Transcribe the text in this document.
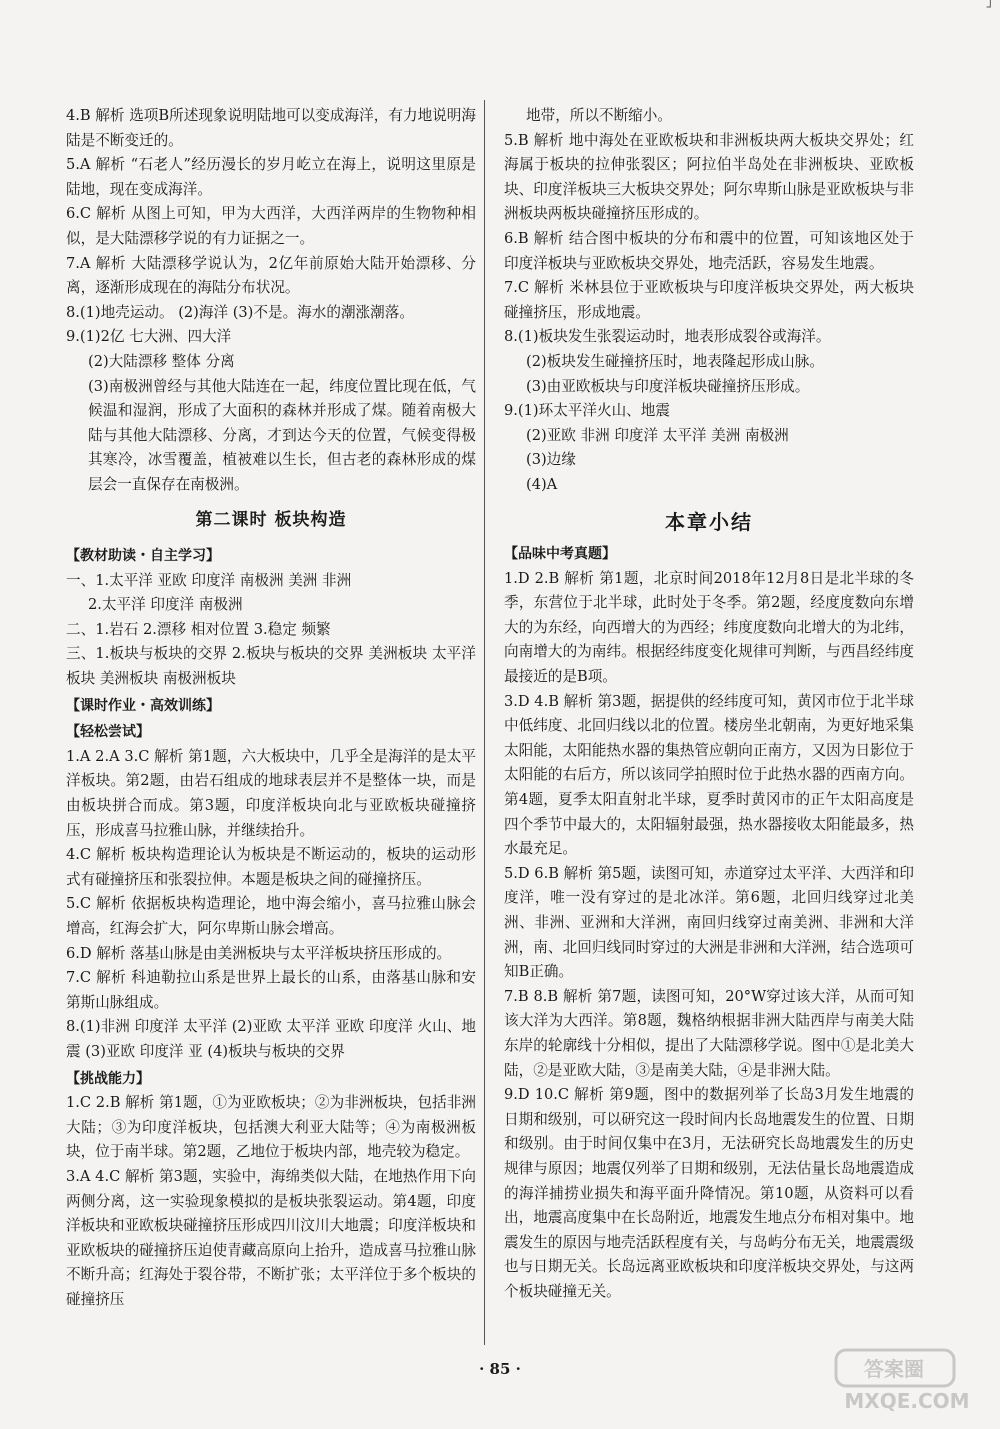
┘
4.B 解析 选项B所述现象说明陆地可以变成海洋，有力地说明海陆是不断变迁的。
5.A 解析 “石老人”经历漫长的岁月屹立在海上，说明这里原是陆地，现在变成海洋。
6.C 解析 从图上可知，甲为大西洋，大西洋两岸的生物物种相似，是大陆漂移学说的有力证据之一。
7.A 解析 大陆漂移学说认为，2亿年前原始大陆开始漂移、分离，逐渐形成现在的海陆分布状况。
8.(1)地壳运动。 (2)海洋 (3)不是。海水的潮涨潮落。
9.(1)2亿 七大洲、四大洋
(2)大陆漂移 整体 分离
(3)南极洲曾经与其他大陆连在一起，纬度位置比现在低，气候温和湿润，形成了大面积的森林并形成了煤。随着南极大陆与其他大陆漂移、分离，才到达今天的位置，气候变得极其寒冷，冰雪覆盖，植被难以生长，但古老的森林形成的煤层会一直保存在南极洲。
第二课时 板块构造
【教材助读・自主学习】
一、1.太平洋 亚欧 印度洋 南极洲 美洲 非洲
2.太平洋 印度洋 南极洲
二、1.岩石 2.漂移 相对位置 3.稳定 频繁
三、1.板块与板块的交界 2.板块与板块的交界 美洲板块 太平洋板块 美洲板块 南极洲板块
【课时作业・高效训练】
【轻松尝试】
1.A 2.A 3.C 解析 第1题，六大板块中，几乎全是海洋的是太平洋板块。第2题，由岩石组成的地球表层并不是整体一块，而是由板块拼合而成。第3题，印度洋板块向北与亚欧板块碰撞挤压，形成喜马拉雅山脉，并继续抬升。
4.C 解析 板块构造理论认为板块是不断运动的，板块的运动形式有碰撞挤压和张裂拉伸。本题是板块之间的碰撞挤压。
5.C 解析 依据板块构造理论，地中海会缩小，喜马拉雅山脉会增高，红海会扩大，阿尔卑斯山脉会增高。
6.D 解析 落基山脉是由美洲板块与太平洋板块挤压形成的。
7.C 解析 科迪勒拉山系是世界上最长的山系，由落基山脉和安第斯山脉组成。
8.(1)非洲 印度洋 太平洋 (2)亚欧 太平洋 亚欧 印度洋 火山、地震 (3)亚欧 印度洋 亚 (4)板块与板块的交界
【挑战能力】
1.C 2.B 解析 第1题，①为亚欧板块；②为非洲板块，包括非洲大陆；③为印度洋板块，包括澳大利亚大陆等；④为南极洲板块，位于南半球。第2题，乙地位于板块内部，地壳较为稳定。
3.A 4.C 解析 第3题，实验中，海绵类似大陆，在地热作用下向两侧分离，这一实验现象模拟的是板块张裂运动。第4题，印度洋板块和亚欧板块碰撞挤压形成四川汶川大地震；印度洋板块和亚欧板块的碰撞挤压迫使青藏高原向上抬升，造成喜马拉雅山脉不断升高；红海处于裂谷带，不断扩张；太平洋位于多个板块的碰撞挤压
地带，所以不断缩小。
5.B 解析 地中海处在亚欧板块和非洲板块两大板块交界处；红海属于板块的拉伸张裂区；阿拉伯半岛处在非洲板块、亚欧板块、印度洋板块三大板块交界处；阿尔卑斯山脉是亚欧板块与非洲板块两板块碰撞挤压形成的。
6.B 解析 结合图中板块的分布和震中的位置，可知该地区处于印度洋板块与亚欧板块交界处，地壳活跃，容易发生地震。
7.C 解析 米林县位于亚欧板块与印度洋板块交界处，两大板块碰撞挤压，形成地震。
8.(1)板块发生张裂运动时，地表形成裂谷或海洋。
(2)板块发生碰撞挤压时，地表隆起形成山脉。
(3)由亚欧板块与印度洋板块碰撞挤压形成。
9.(1)环太平洋火山、地震
(2)亚欧 非洲 印度洋 太平洋 美洲 南极洲
(3)边缘
(4)A
本章小结
【品味中考真题】
1.D 2.B 解析 第1题，北京时间2018年12月8日是北半球的冬季，东营位于北半球，此时处于冬季。第2题，经度度数向东增大的为东经，向西增大的为西经；纬度度数向北增大的为北纬，向南增大的为南纬。根据经纬度变化规律可判断，与西昌经纬度最接近的是B项。
3.D 4.B 解析 第3题，据提供的经纬度可知，黄冈市位于北半球中低纬度、北回归线以北的位置。楼房坐北朝南，为更好地采集太阳能，太阳能热水器的集热管应朝向正南方，又因为日影位于太阳能的右后方，所以该同学拍照时位于此热水器的西南方向。第4题，夏季太阳直射北半球，夏季时黄冈市的正午太阳高度是四个季节中最大的，太阳辐射最强，热水器接收太阳能最多，热水最充足。
5.D 6.B 解析 第5题，读图可知，赤道穿过太平洋、大西洋和印度洋，唯一没有穿过的是北冰洋。第6题，北回归线穿过北美洲、非洲、亚洲和大洋洲，南回归线穿过南美洲、非洲和大洋洲，南、北回归线同时穿过的大洲是非洲和大洋洲，结合选项可知B正确。
7.B 8.B 解析 第7题，读图可知，20°W穿过该大洋，从而可知该大洋为大西洋。第8题，魏格纳根据非洲大陆西岸与南美大陆东岸的轮廓线十分相似，提出了大陆漂移学说。图中①是北美大陆，②是亚欧大陆，③是南美大陆，④是非洲大陆。
9.D 10.C 解析 第9题，图中的数据列举了长岛3月发生地震的日期和级别，可以研究这一段时间内长岛地震发生的位置、日期和级别。由于时间仅集中在3月，无法研究长岛地震发生的历史规律与原因；地震仅列举了日期和级别，无法估量长岛地震造成的海洋捕捞业损失和海平面升降情况。第10题，从资料可以看出，地震高度集中在长岛附近，地震发生地点分布相对集中。地震发生的原因与地壳活跃程度有关，与岛屿分布无关，地震震级也与日期无关。长岛远离亚欧板块和印度洋板块交界处，与这两个板块碰撞无关。
· 85 ·	答案圈
MXQE.COM
